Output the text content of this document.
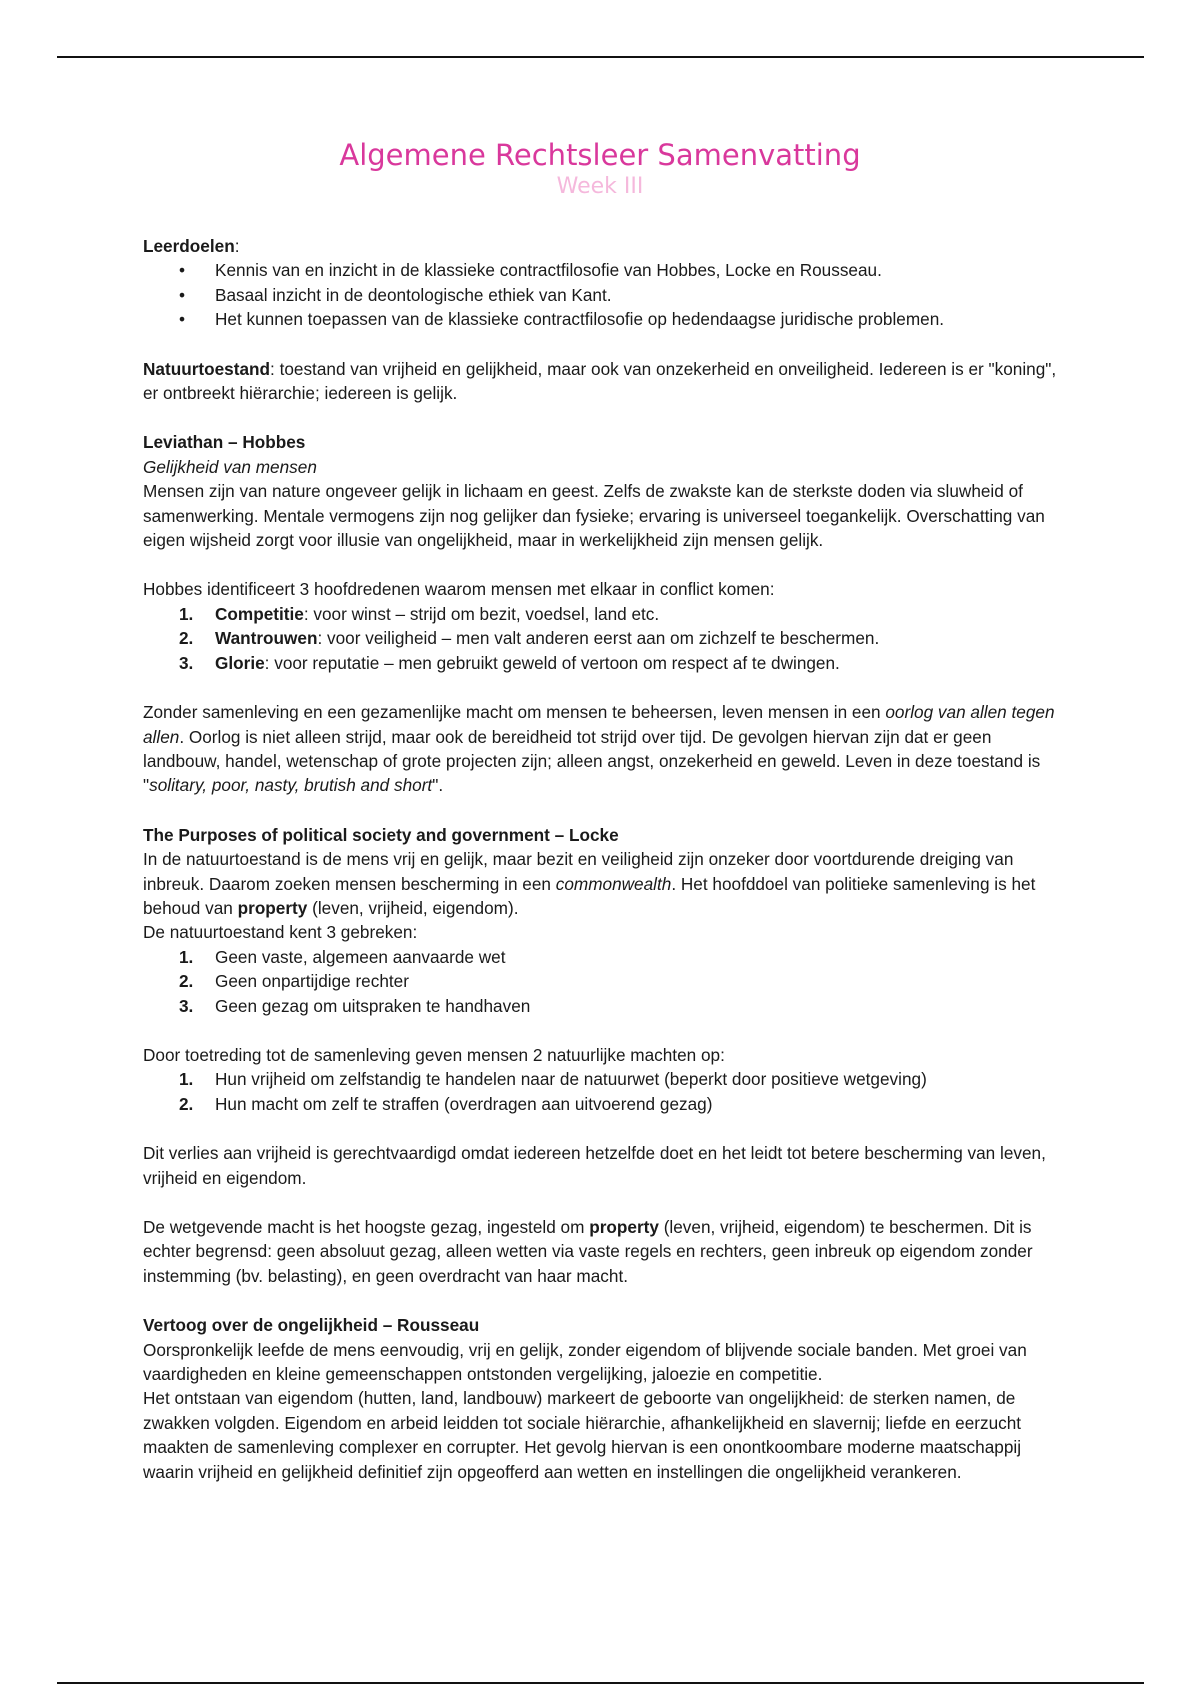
Algemene Rechtsleer Samenvatting
Week III

Leerdoelen:

• Kennis van en inzicht in de klassieke contractfilosofie van Hobbes, Locke en Rousseau.
• Basaal inzicht in de deontologische ethiek van Kant.
• Het kunnen toepassen van de klassieke contractfilosofie op hedendaagse juridische problemen.

Natuurtoestand: toestand van vrijheid en gelijkheid, maar ook van onzekerheid en onveiligheid. Iedereen is er "koning", er ontbreekt hiërarchie; iedereen is gelijk.

Leviathan – Hobbes

Gelijkheid van mensen

Mensen zijn van nature ongeveer gelijk in lichaam en geest. Zelfs de zwakste kan de sterkste doden via sluwheid of samenwerking. Mentale vermogens zijn nog gelijker dan fysieke; ervaring is universeel toegankelijk. Overschatting van eigen wijsheid zorgt voor illusie van ongelijkheid, maar in werkelijkheid zijn mensen gelijk.

Hobbes identificeert 3 hoofdredenen waarom mensen met elkaar in conflict komen:

1. Competitie: voor winst – strijd om bezit, voedsel, land etc.
2. Wantrouwen: voor veiligheid – men valt anderen eerst aan om zichzelf te beschermen.
3. Glorie: voor reputatie – men gebruikt geweld of vertoon om respect af te dwingen.

Zonder samenleving en een gezamenlijke macht om mensen te beheersen, leven mensen in een oorlog van allen tegen allen. Oorlog is niet alleen strijd, maar ook de bereidheid tot strijd over tijd. De gevolgen hiervan zijn dat er geen landbouw, handel, wetenschap of grote projecten zijn; alleen angst, onzekerheid en geweld. Leven in deze toestand is "solitary, poor, nasty, brutish and short".

The Purposes of political society and government – Locke

In de natuurtoestand is de mens vrij en gelijk, maar bezit en veiligheid zijn onzeker door voortdurende dreiging van inbreuk. Daarom zoeken mensen bescherming in een commonwealth. Het hoofddoel van politieke samenleving is het behoud van property (leven, vrijheid, eigendom).

De natuurtoestand kent 3 gebreken:

1. Geen vaste, algemeen aanvaarde wet
2. Geen onpartijdige rechter
3. Geen gezag om uitspraken te handhaven

Door toetreding tot de samenleving geven mensen 2 natuurlijke machten op:

1. Hun vrijheid om zelfstandig te handelen naar de natuurwet (beperkt door positieve wetgeving)
2. Hun macht om zelf te straffen (overdragen aan uitvoerend gezag)

Dit verlies aan vrijheid is gerechtvaardigd omdat iedereen hetzelfde doet en het leidt tot betere bescherming van leven, vrijheid en eigendom.

De wetgevende macht is het hoogste gezag, ingesteld om property (leven, vrijheid, eigendom) te beschermen. Dit is echter begrensd: geen absoluut gezag, alleen wetten via vaste regels en rechters, geen inbreuk op eigendom zonder instemming (bv. belasting), en geen overdracht van haar macht.

Vertoog over de ongelijkheid – Rousseau

Oorspronkelijk leefde de mens eenvoudig, vrij en gelijk, zonder eigendom of blijvende sociale banden. Met groei van vaardigheden en kleine gemeenschappen ontstonden vergelijking, jaloezie en competitie.

Het ontstaan van eigendom (hutten, land, landbouw) markeert de geboorte van ongelijkheid: de sterken namen, de zwakken volgden. Eigendom en arbeid leidden tot sociale hiërarchie, afhankelijkheid en slavernij; liefde en eerzucht maakten de samenleving complexer en corrupter. Het gevolg hiervan is een onontkoombare moderne maatschappij waarin vrijheid en gelijkheid definitief zijn opgeofferd aan wetten en instellingen die ongelijkheid verankeren.
